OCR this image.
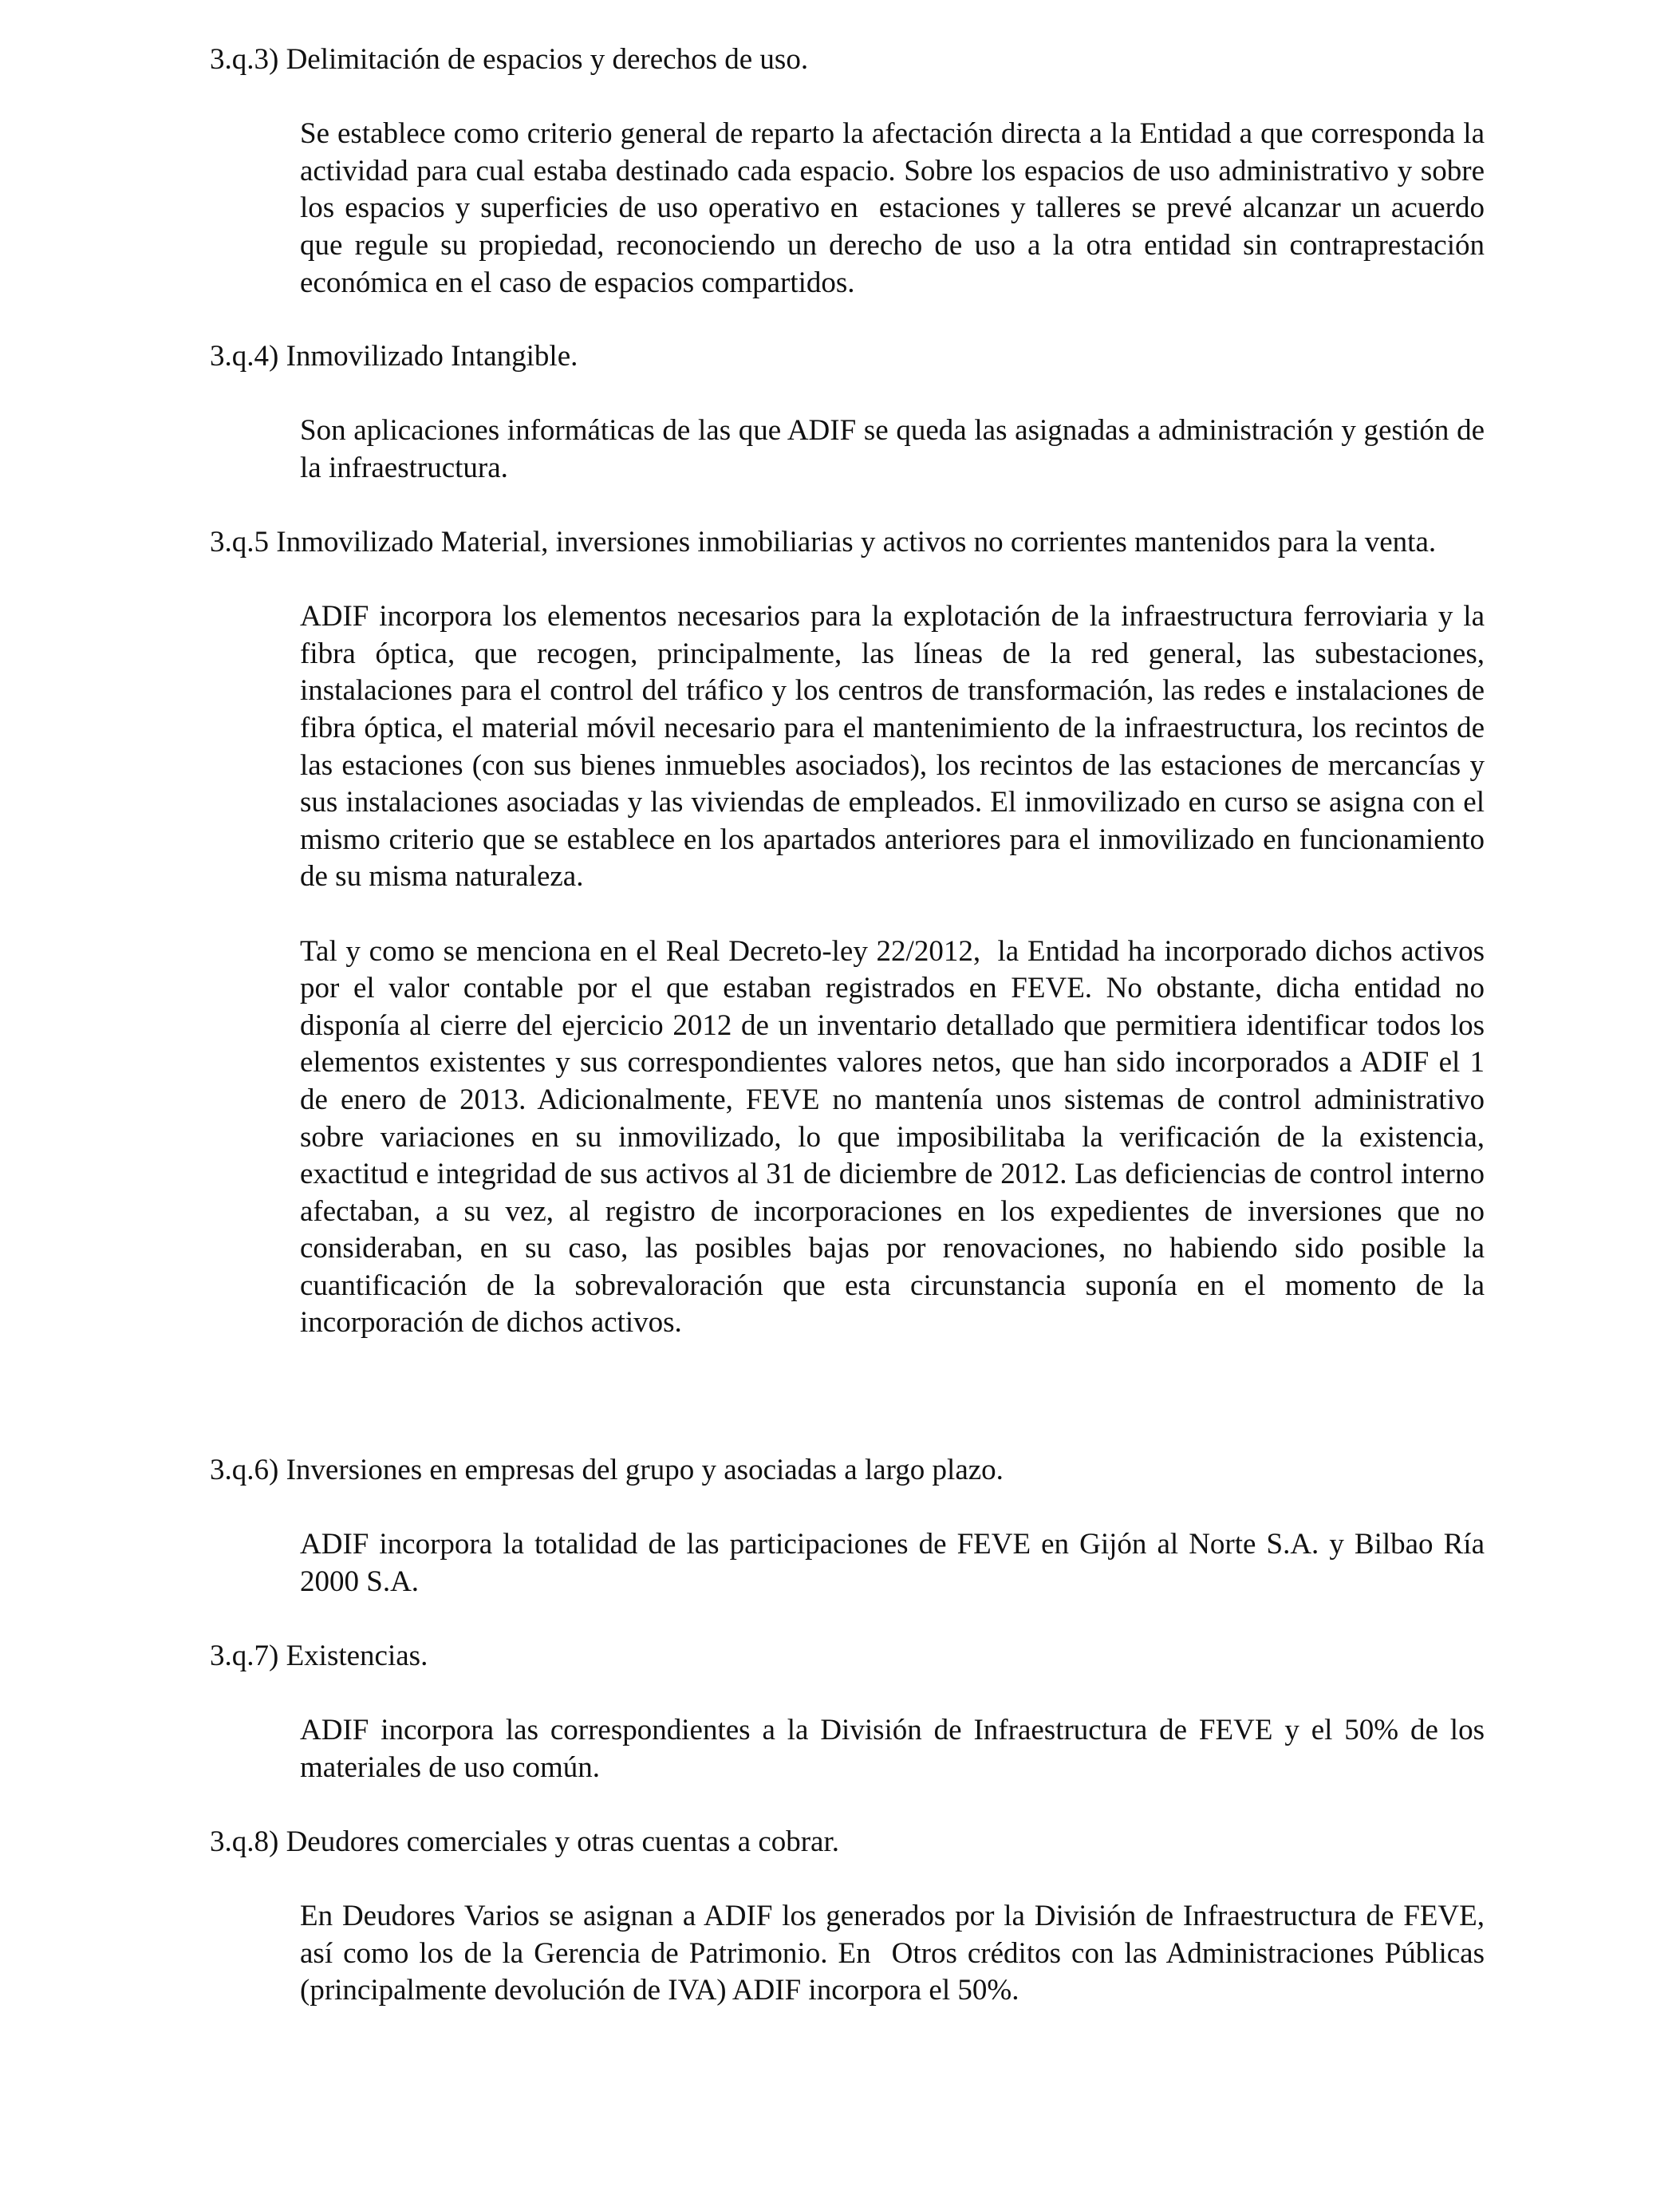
3.q.3) Delimitación de espacios y derechos de uso.

Se establece como criterio general de reparto la afectación directa a la Entidad a que corresponda la actividad para cual estaba destinado cada espacio. Sobre los espacios de uso administrativo y sobre los espacios y superficies de uso operativo en  estaciones y talleres se prevé alcanzar un acuerdo que regule su propiedad, reconociendo un derecho de uso a la otra entidad sin contraprestación económica en el caso de espacios compartidos.

3.q.4) Inmovilizado Intangible.

Son aplicaciones informáticas de las que ADIF se queda las asignadas a administración y gestión de la infraestructura.

3.q.5 Inmovilizado Material, inversiones inmobiliarias y activos no corrientes mantenidos para la venta.

ADIF incorpora los elementos necesarios para la explotación de la infraestructura ferroviaria y la fibra óptica, que recogen, principalmente, las líneas de la red general, las subestaciones, instalaciones para el control del tráfico y los centros de transformación, las redes e instalaciones de fibra óptica, el material móvil necesario para el mantenimiento de la infraestructura, los recintos de las estaciones (con sus bienes inmuebles asociados), los recintos de las estaciones de mercancías y sus instalaciones asociadas y las viviendas de empleados. El inmovilizado en curso se asigna con el mismo criterio que se establece en los apartados anteriores para el inmovilizado en funcionamiento de su misma naturaleza.

Tal y como se menciona en el Real Decreto-ley 22/2012,  la Entidad ha incorporado dichos activos por el valor contable por el que estaban registrados en FEVE. No obstante, dicha entidad no disponía al cierre del ejercicio 2012 de un inventario detallado que permitiera identificar todos los elementos existentes y sus correspondientes valores netos, que han sido incorporados a ADIF el 1 de enero de 2013. Adicionalmente, FEVE no mantenía unos sistemas de control administrativo sobre variaciones en su inmovilizado, lo que imposibilitaba la verificación de la existencia, exactitud e integridad de sus activos al 31 de diciembre de 2012. Las deficiencias de control interno afectaban, a su vez, al registro de incorporaciones en los expedientes de inversiones que no consideraban, en su caso, las posibles bajas por renovaciones, no habiendo sido posible la cuantificación de la sobrevaloración que esta circunstancia suponía en el momento de la incorporación de dichos activos.

3.q.6) Inversiones en empresas del grupo y asociadas a largo plazo.

ADIF incorpora la totalidad de las participaciones de FEVE en Gijón al Norte S.A. y Bilbao Ría 2000 S.A.

3.q.7) Existencias.

ADIF incorpora las correspondientes a la División de Infraestructura de FEVE y el 50% de los materiales de uso común.

3.q.8) Deudores comerciales y otras cuentas a cobrar.

En Deudores Varios se asignan a ADIF los generados por la División de Infraestructura de FEVE, así como los de la Gerencia de Patrimonio. En  Otros créditos con las Administraciones Públicas (principalmente devolución de IVA) ADIF incorpora el 50%.
